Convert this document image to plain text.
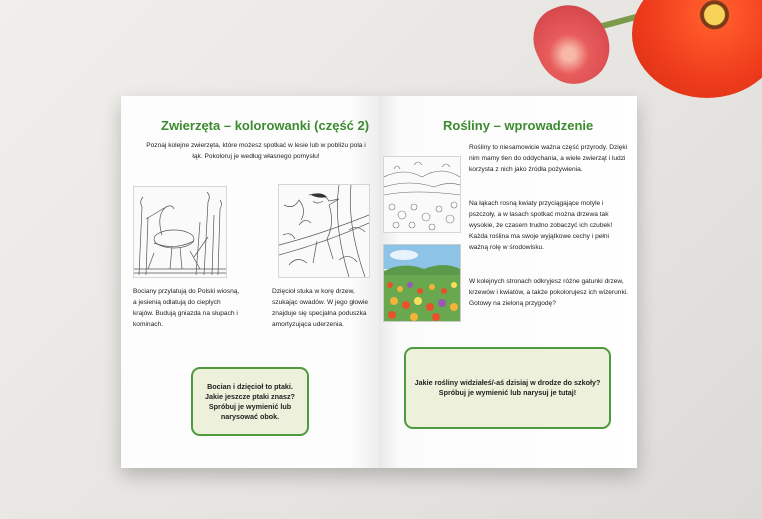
Zwierzęta – kolorowanki (część 2)
Poznaj kolejne zwierzęta, które możesz spotkać w lesie lub w pobliżu pola i łąk. Pokoloruj je według własnego pomysłu!
Bociany przylatują do Polski wiosną, a jesienią odlatują do cieplych krajów. Budują gniazda na słupach i kominach.
Dzięcioł stuka w korę drzew, szukając owadów. W jego głowie znajduje się specjalna poduszka amortyzująca uderzenia.
Bocian i dzięcioł to ptaki. Jakie jeszcze ptaki znasz? Spróbuj je wymienić lub narysować obok.
Rośliny – wprowadzenie
Rośliny to niesamowicie ważna część przyrody. Dzięki nim mamy tlen do oddychania, a wiele zwierząt i ludzi korzysta z nich jako źródła pożywienia.
Na łąkach rosną kwiaty przyciągające motyle i pszczoły, a w lasach spotkać można drzewa tak wysokie, że czasem trudno zobaczyć ich czubek! Każda roślina ma swoje wyjątkowe cechy i pełni ważną rolę w środowisku.
W kolejnych stronach odkryjesz różne gatunki drzew, krzewów i kwiatów, a także pokolorujesz ich wizerunki. Gotowy na zieloną przygodę?
Jakie rośliny widziałeś/-aś dzisiaj w drodze do szkoły? Spróbuj je wymienić lub narysuj je tutaj!
